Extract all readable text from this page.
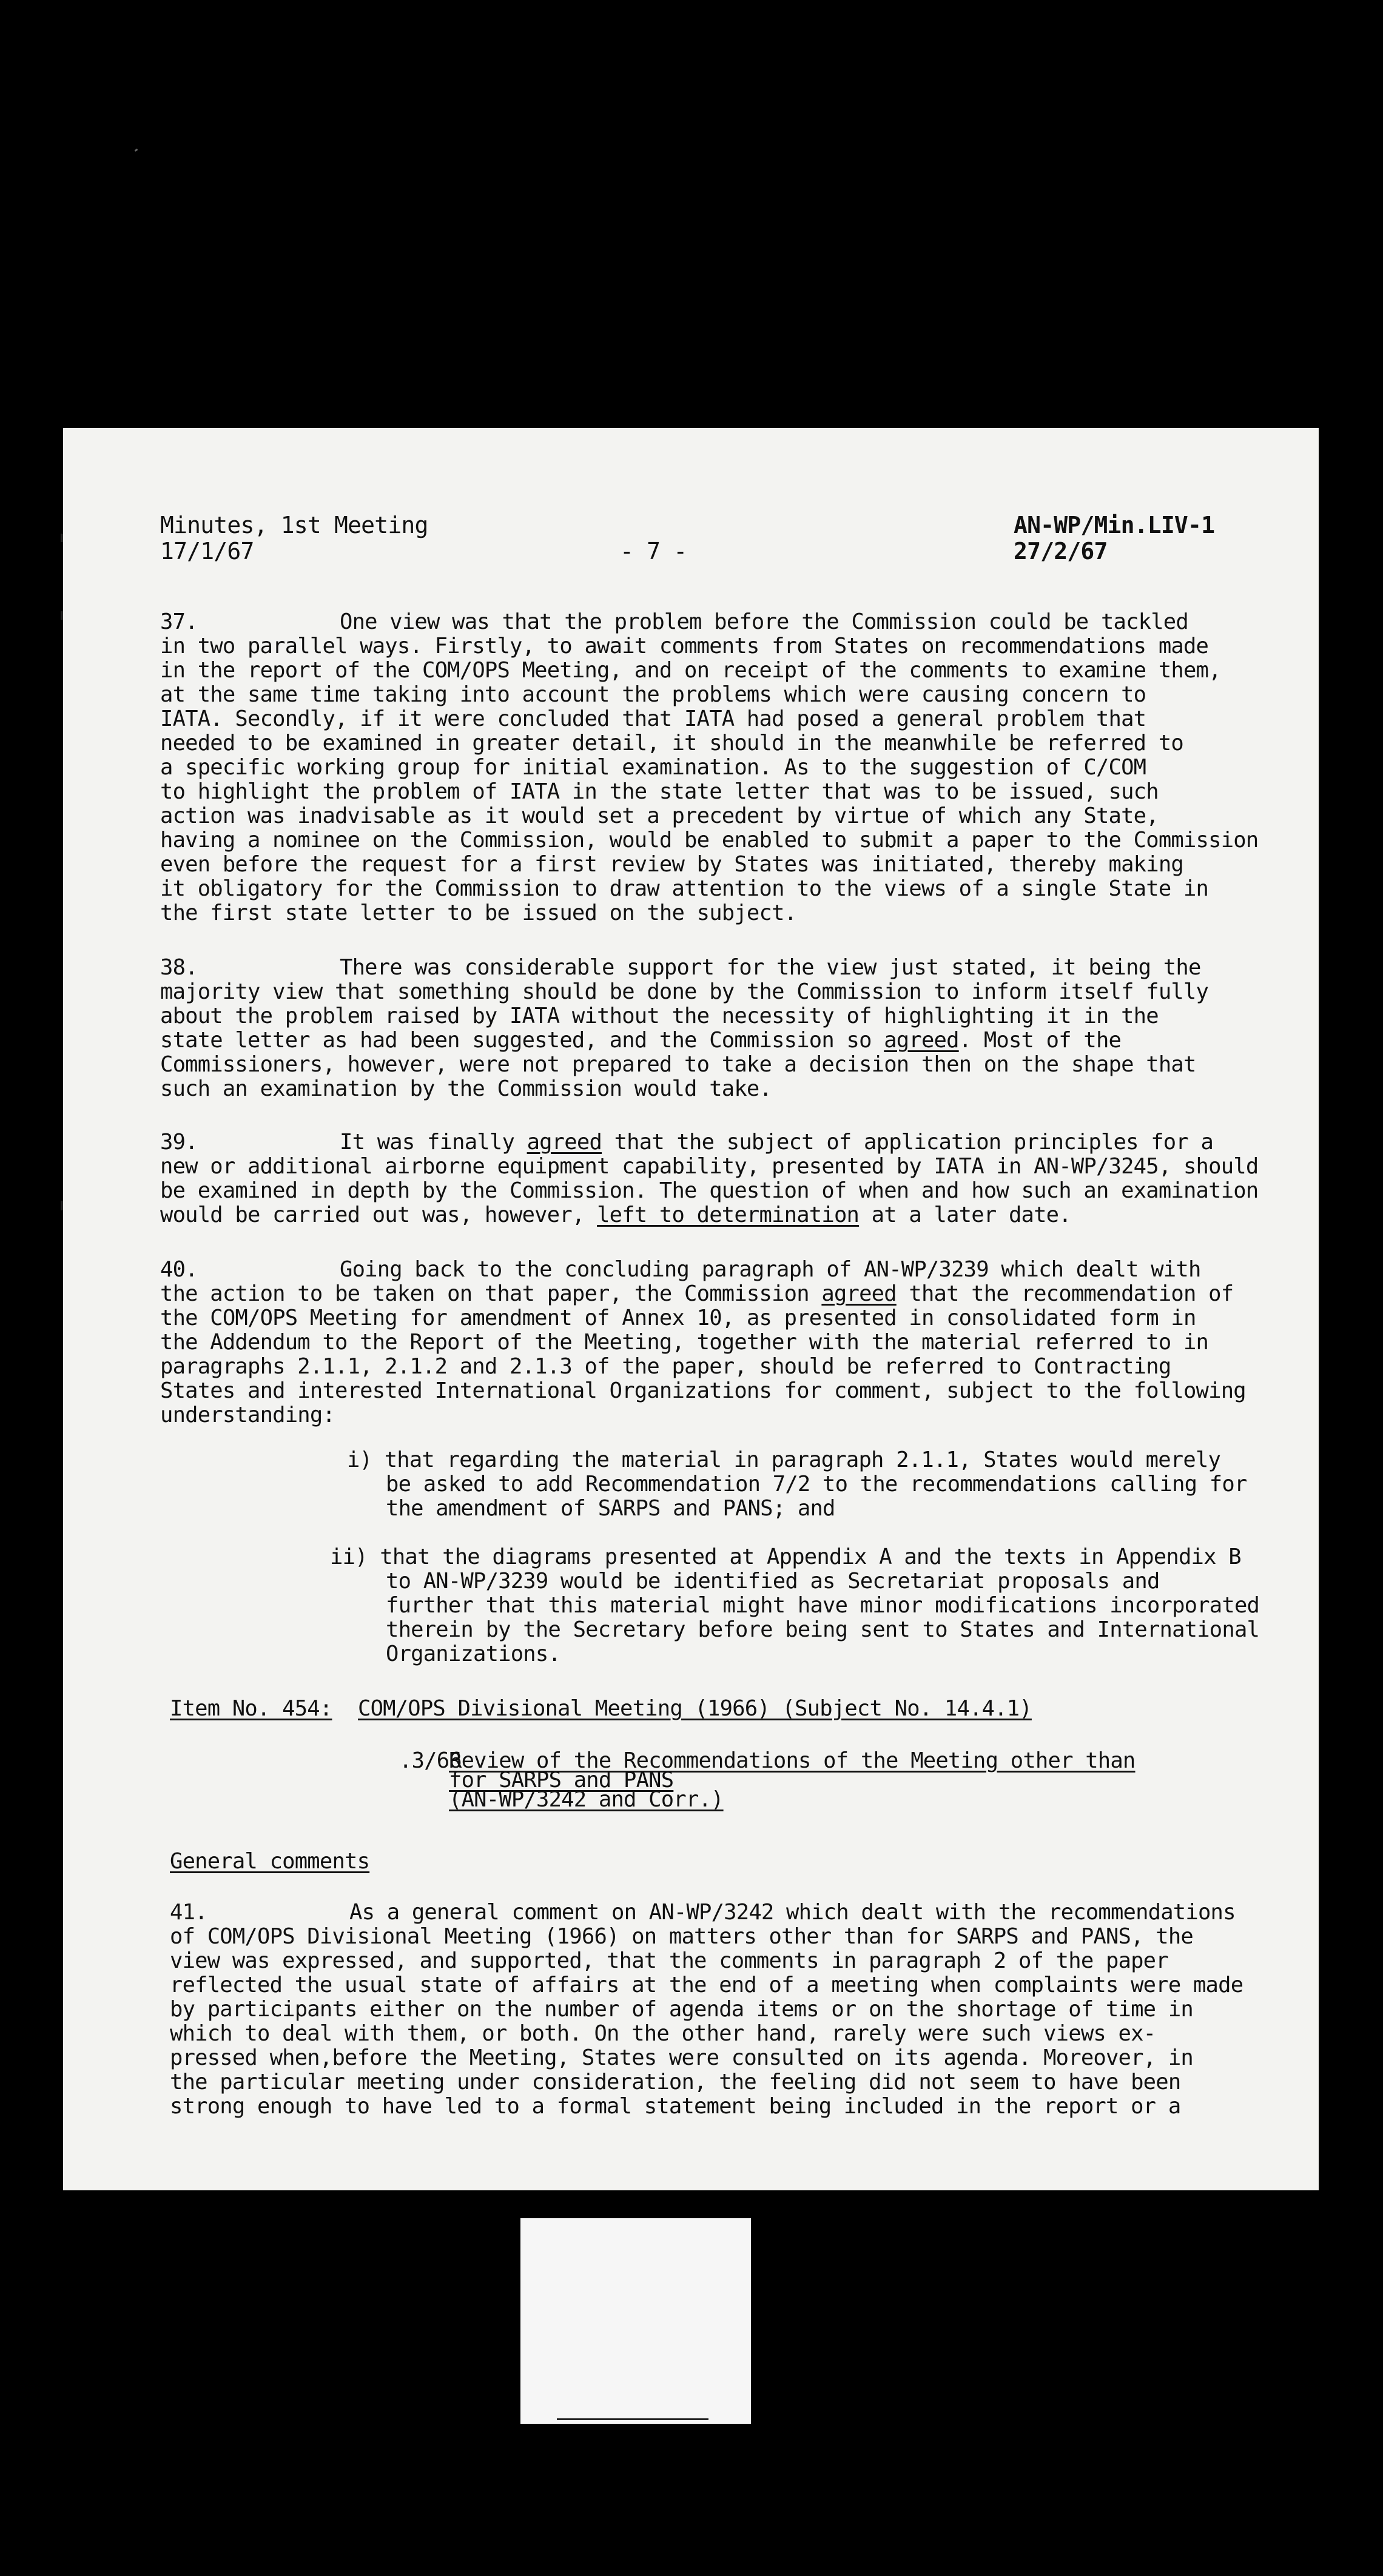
Minutes, 1st Meeting
17/1/67	- 7 -
AN-WP/Min.LIV-1
27/2/67
37.	One view was that the problem before the Commission could be tackled
in two parallel ways. Firstly, to await comments from States on recommendations made
in the report of the COM/OPS Meeting, and on receipt of the comments to examine them,
at the same time taking into account the problems which were causing concern to
IATA. Secondly, if it were concluded that IATA had posed a general problem that
needed to be examined in greater detail, it should in the meanwhile be referred to
a specific working group for initial examination. As to the suggestion of C/COM
to highlight the problem of IATA in the state letter that was to be issued, such
action was inadvisable as it would set a precedent by virtue of which any State,
having a nominee on the Commission, would be enabled to submit a paper to the Commission
even before the request for a first review by States was initiated, thereby making
it obligatory for the Commission to draw attention to the views of a single State in
the first state letter to be issued on the subject.
38.	There was considerable support for the view just stated, it being the
majority view that something should be done by the Commission to inform itself fully
about the problem raised by IATA without the necessity of highlighting it in the
state letter as had been suggested, and the Commission so agreed. Most of the
Commissioners, however, were not prepared to take a decision then on the shape that
such an examination by the Commission would take.
39.	It was finally agreed that the subject of application principles for a
new or additional airborne equipment capability, presented by IATA in AN-WP/3245, should
be examined in depth by the Commission. The question of when and how such an examination
would be carried out was, however, left to determination at a later date.
40.	Going back to the concluding paragraph of AN-WP/3239 which dealt with
the action to be taken on that paper, the Commission agreed that the recommendation of
the COM/OPS Meeting for amendment of Annex 10, as presented in consolidated form in
the Addendum to the Report of the Meeting, together with the material referred to in
paragraphs 2.1.1, 2.1.2 and 2.1.3 of the paper, should be referred to Contracting
States and interested International Organizations for comment, subject to the following
understanding:
i) that regarding the material in paragraph 2.1.1, States would merely
be asked to add Recommendation 7/2 to the recommendations calling for
the amendment of SARPS and PANS; and
ii) that the diagrams presented at Appendix A and the texts in Appendix B
to AN-WP/3239 would be identified as Secretariat proposals and
further that this material might have minor modifications incorporated
therein by the Secretary before being sent to States and International
Organizations.
Item No. 454: COM/OPS Divisional Meeting (1966) (Subject No. 14.4.1)
.3/66
Review of the Recommendations of the Meeting other than
for SARPS and PANS
(AN-WP/3242 and Corr.)
General comments
41.	As a general comment on AN-WP/3242 which dealt with the recommendations
of COM/OPS Divisional Meeting (1966) on matters other than for SARPS and PANS, the
view was expressed, and supported, that the comments in paragraph 2 of the paper
reflected the usual state of affairs at the end of a meeting when complaints were made
by participants either on the number of agenda items or on the shortage of time in
which to deal with them, or both. On the other hand, rarely were such views ex-
pressed when,before the Meeting, States were consulted on its agenda. Moreover, in
the particular meeting under consideration, the feeling did not seem to have been
strong enough to have led to a formal statement being included in the report or a
